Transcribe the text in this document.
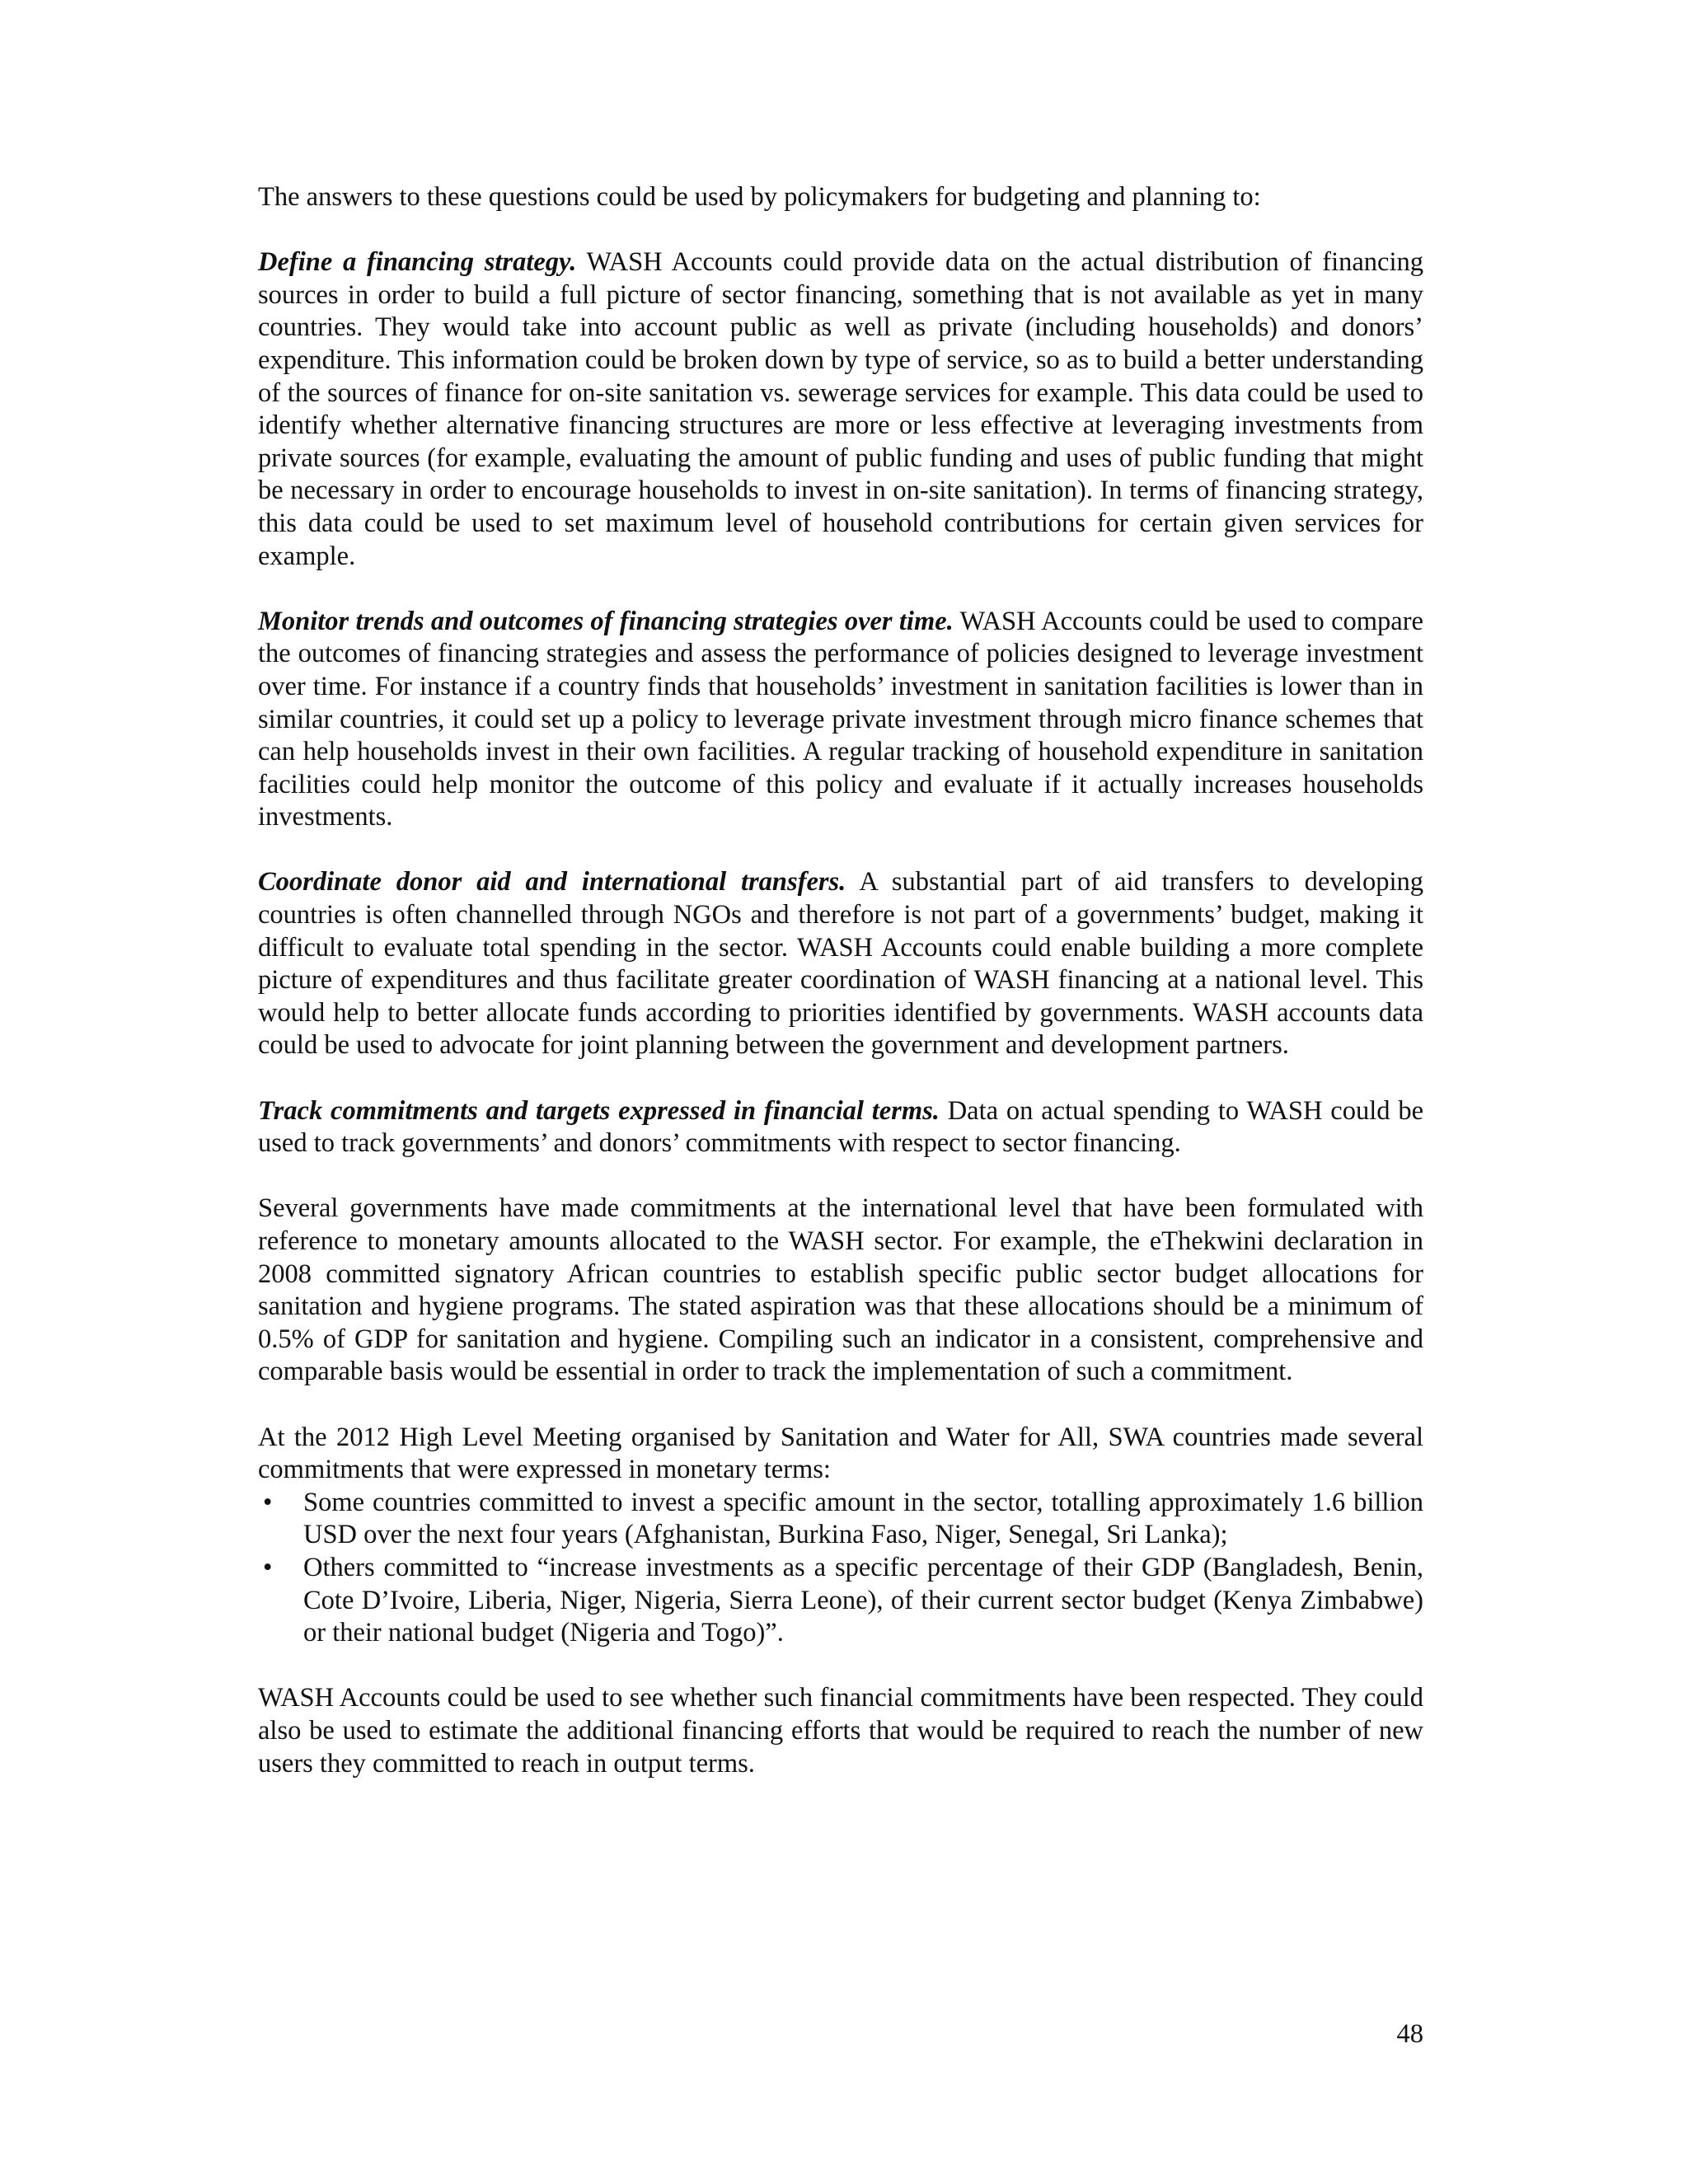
The answers to these questions could be used by policymakers for budgeting and planning to:

Define a financing strategy. WASH Accounts could provide data on the actual distribution of financing sources in order to build a full picture of sector financing, something that is not available as yet in many countries. They would take into account public as well as private (including households) and donors’ expenditure. This information could be broken down by type of service, so as to build a better understanding of the sources of finance for on-site sanitation vs. sewerage services for example. This data could be used to identify whether alternative financing structures are more or less effective at leveraging investments from private sources (for example, evaluating the amount of public funding and uses of public funding that might be necessary in order to encourage households to invest in on-site sanitation). In terms of financing strategy, this data could be used to set maximum level of household contributions for certain given services for example.

Monitor trends and outcomes of financing strategies over time. WASH Accounts could be used to compare the outcomes of financing strategies and assess the performance of policies designed to leverage investment over time. For instance if a country finds that households’ investment in sanitation facilities is lower than in similar countries, it could set up a policy to leverage private investment through micro finance schemes that can help households invest in their own facilities. A regular tracking of household expenditure in sanitation facilities could help monitor the outcome of this policy and evaluate if it actually increases households investments.

Coordinate donor aid and international transfers. A substantial part of aid transfers to developing countries is often channelled through NGOs and therefore is not part of a governments’ budget, making it difficult to evaluate total spending in the sector. WASH Accounts could enable building a more complete picture of expenditures and thus facilitate greater coordination of WASH financing at a national level. This would help to better allocate funds according to priorities identified by governments. WASH accounts data could be used to advocate for joint planning between the government and development partners.

Track commitments and targets expressed in financial terms. Data on actual spending to WASH could be used to track governments’ and donors’ commitments with respect to sector financing.

Several governments have made commitments at the international level that have been formulated with reference to monetary amounts allocated to the WASH sector. For example, the eThekwini declaration in 2008 committed signatory African countries to establish specific public sector budget allocations for sanitation and hygiene programs. The stated aspiration was that these allocations should be a minimum of 0.5% of GDP for sanitation and hygiene. Compiling such an indicator in a consistent, comprehensive and comparable basis would be essential in order to track the implementation of such a commitment.

At the 2012 High Level Meeting organised by Sanitation and Water for All, SWA countries made several commitments that were expressed in monetary terms:

• Some countries committed to invest a specific amount in the sector, totalling approximately 1.6 billion USD over the next four years (Afghanistan, Burkina Faso, Niger, Senegal, Sri Lanka);
• Others committed to “increase investments as a specific percentage of their GDP (Bangladesh, Benin, Cote D’Ivoire, Liberia, Niger, Nigeria, Sierra Leone), of their current sector budget (Kenya Zimbabwe) or their national budget (Nigeria and Togo)”.

WASH Accounts could be used to see whether such financial commitments have been respected. They could also be used to estimate the additional financing efforts that would be required to reach the number of new users they committed to reach in output terms.

48
